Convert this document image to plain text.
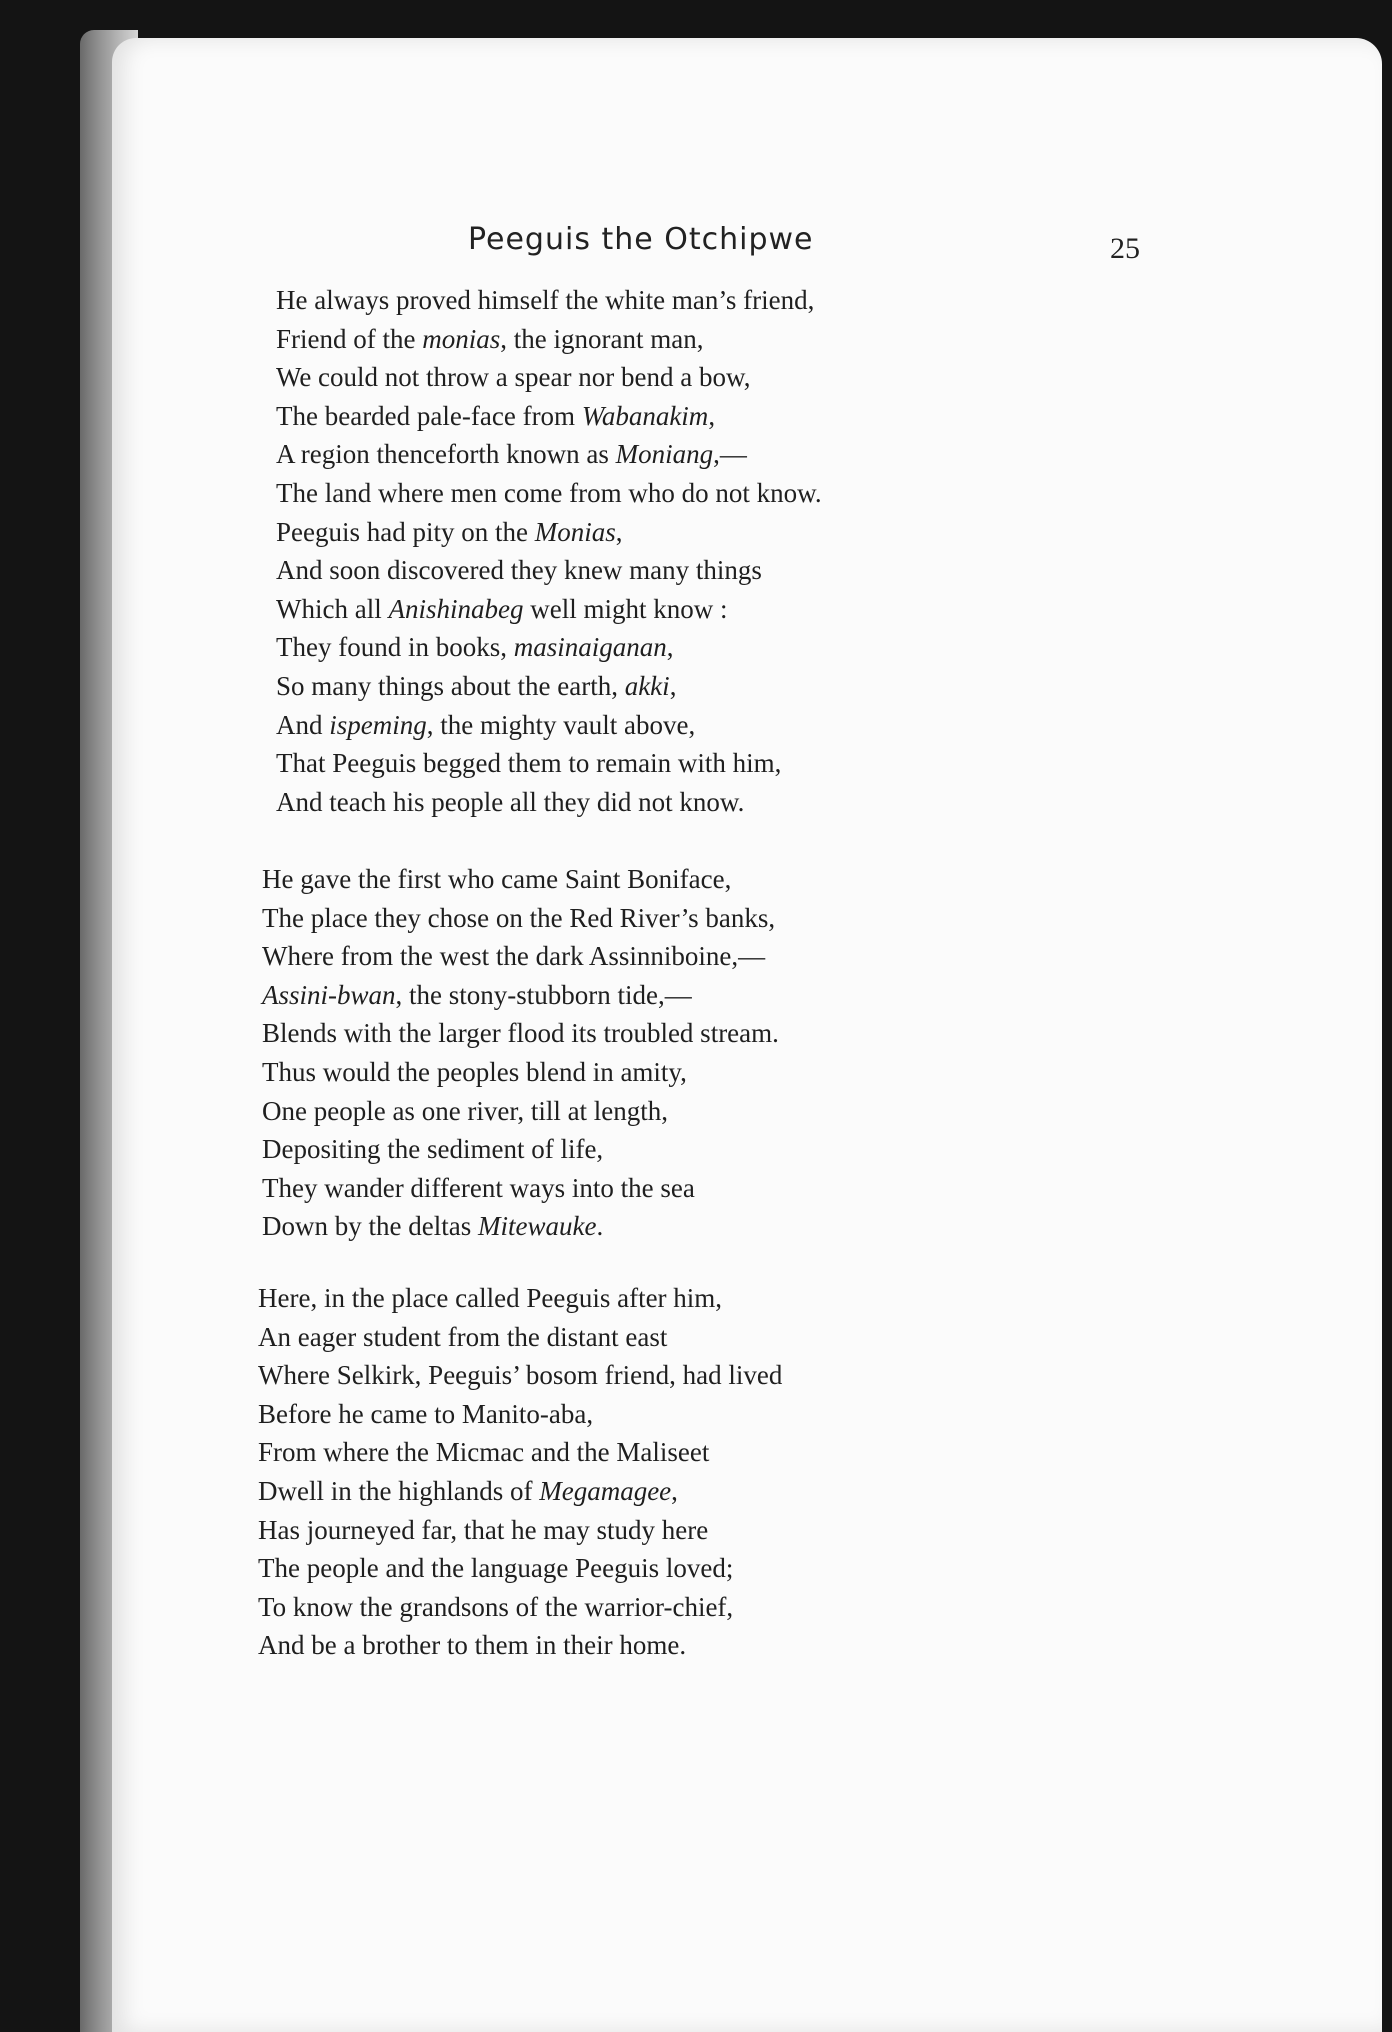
Peeguis the Otchipwe	25
He always proved himself the white man’s friend,
Friend of the monias, the ignorant man,
We could not throw a spear nor bend a bow,
The bearded pale-face from Wabanakim,
A region thenceforth known as Moniang,—
The land where men come from who do not know.
Peeguis had pity on the Monias,
And soon discovered they knew many things
Which all Anishinabeg well might know :
They found in books, masinaiganan,
So many things about the earth, akki,
And ispeming, the mighty vault above,
That Peeguis begged them to remain with him,
And teach his people all they did not know.
He gave the first who came Saint Boniface,
The place they chose on the Red River’s banks,
Where from the west the dark Assinniboine,—
Assini-bwan, the stony-stubborn tide,—
Blends with the larger flood its troubled stream.
Thus would the peoples blend in amity,
One people as one river, till at length,
Depositing the sediment of life,
They wander different ways into the sea
Down by the deltas Mitewauke.
Here, in the place called Peeguis after him,
An eager student from the distant east
Where Selkirk, Peeguis’ bosom friend, had lived
Before he came to Manito-aba,
From where the Micmac and the Maliseet
Dwell in the highlands of Megamagee,
Has journeyed far, that he may study here
The people and the language Peeguis loved;
To know the grandsons of the warrior-chief,
And be a brother to them in their home.
